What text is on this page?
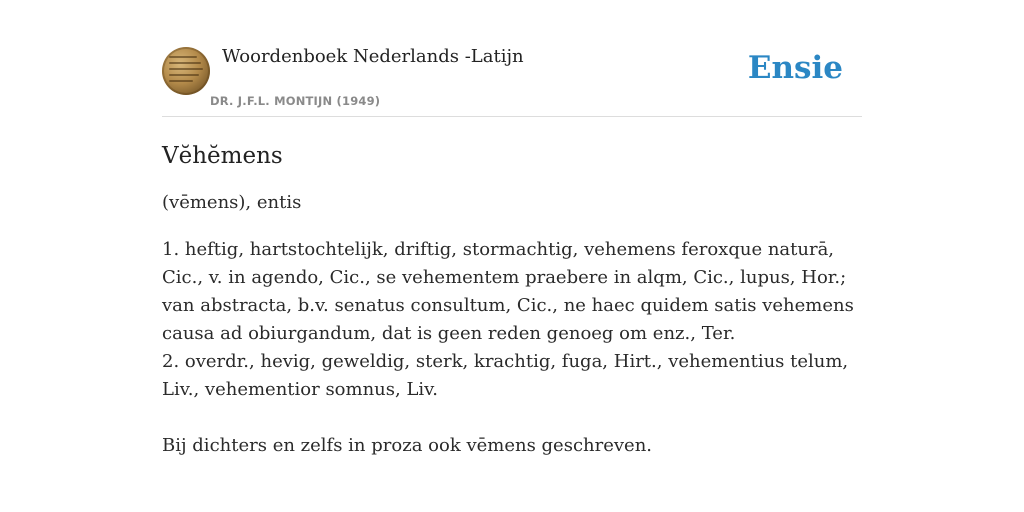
Woordenboek Nederlands -Latijn
DR. J.F.L. MONTIJN (1949)
Ensie
Vĕhĕmens
(vēmens), entis

1. heftig, hartstochtelijk, driftig, stormachtig, vehemens feroxque naturā, Cic., v. in agendo, Cic., se vehementem praebere in alqm, Cic., lupus, Hor.; van abstracta, b.v. senatus consultum, Cic., ne haec quidem satis vehemens causa ad obiurgandum, dat is geen reden genoeg om enz., Ter.

2. overdr., hevig, geweldig, sterk, krachtig, fuga, Hirt., vehementius telum, Liv., vehementior somnus, Liv.

Bij dichters en zelfs in proza ook vēmens geschreven.
